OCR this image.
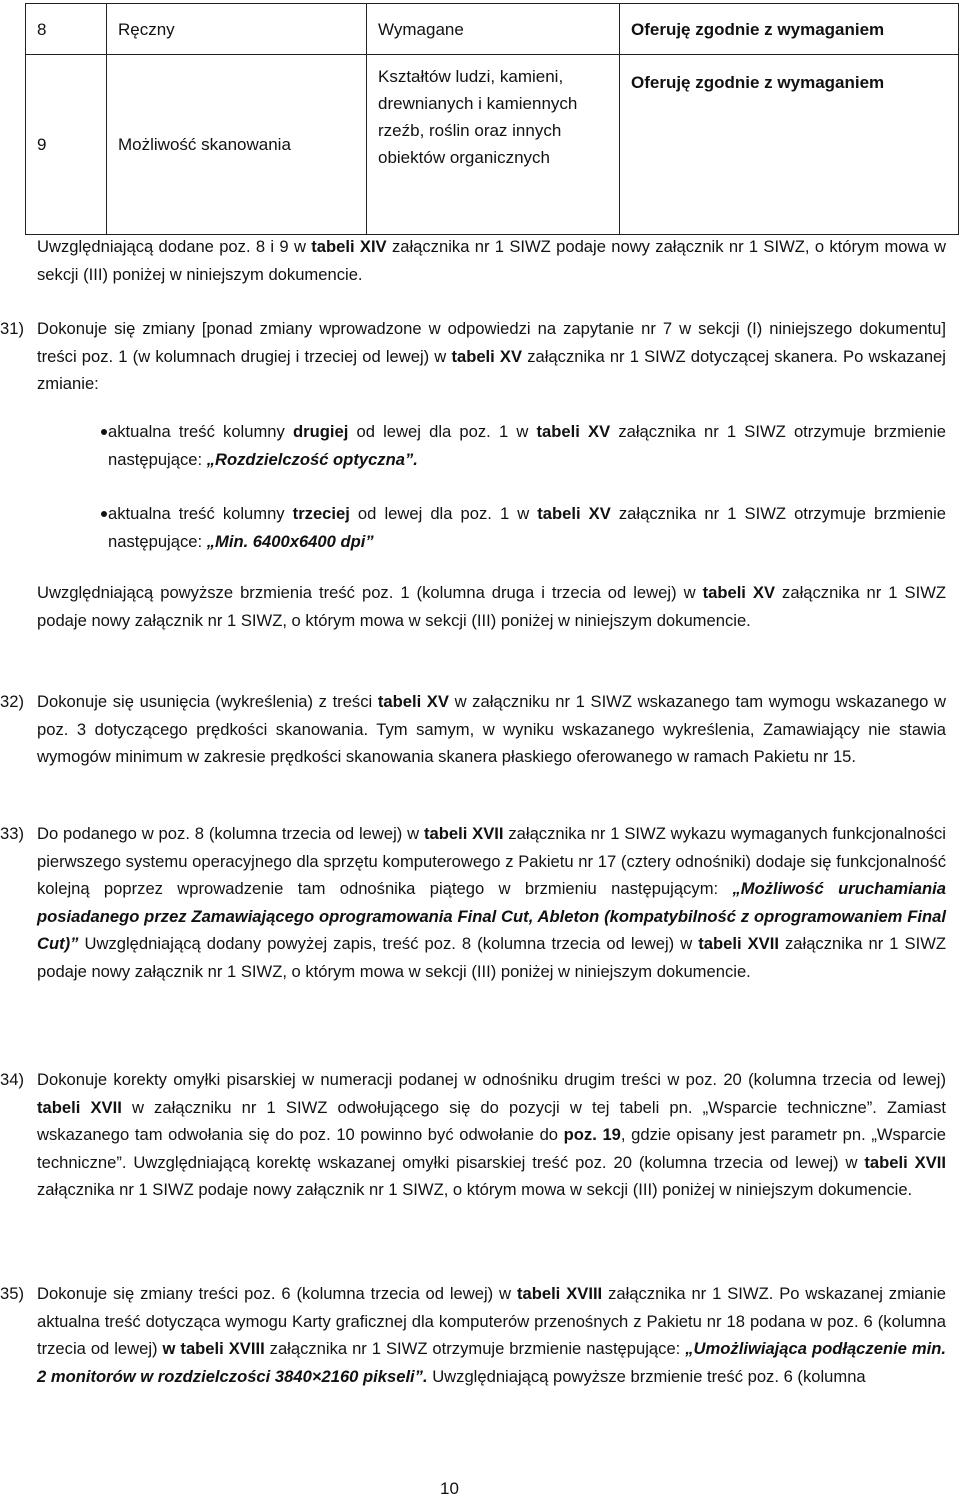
8	Ręczny	Wymagane	Oferuję zgodnie z wymaganiem
9	Możliwość skanowania	Kształtów ludzi, kamieni, drewnianych i kamiennych rzeźb, roślin oraz innych obiektów organicznych	Oferuję zgodnie z wymaganiem
Uwzględniającą dodane poz. 8 i 9 w tabeli XIV załącznika nr 1 SIWZ podaje nowy załącznik nr 1 SIWZ, o którym mowa w sekcji (III) poniżej w niniejszym dokumencie.
31) Dokonuje się zmiany [ponad zmiany wprowadzone w odpowiedzi na zapytanie nr 7 w sekcji (I) niniejszego dokumentu] treści poz. 1 (w kolumnach drugiej i trzeciej od lewej) w tabeli XV załącznika nr 1 SIWZ dotyczącej skanera. Po wskazanej zmianie:
aktualna treść kolumny drugiej od lewej dla poz. 1 w tabeli XV załącznika nr 1 SIWZ otrzymuje brzmienie następujące: „Rozdzielczość optyczna”.
aktualna treść kolumny trzeciej od lewej dla poz. 1 w tabeli XV załącznika nr 1 SIWZ otrzymuje brzmienie następujące: „Min. 6400x6400 dpi”
Uwzględniającą powyższe brzmienia treść poz. 1 (kolumna druga i trzecia od lewej) w tabeli XV załącznika nr 1 SIWZ podaje nowy załącznik nr 1 SIWZ, o którym mowa w sekcji (III) poniżej w niniejszym dokumencie.
32) Dokonuje się usunięcia (wykreślenia) z treści tabeli XV w załączniku nr 1 SIWZ wskazanego tam wymogu wskazanego w poz. 3 dotyczącego prędkości skanowania. Tym samym, w wyniku wskazanego wykreślenia, Zamawiający nie stawia wymogów minimum w zakresie prędkości skanowania skanera płaskiego oferowanego w ramach Pakietu nr 15.
33) Do podanego w poz. 8 (kolumna trzecia od lewej) w tabeli XVII załącznika nr 1 SIWZ wykazu wymaganych funkcjonalności pierwszego systemu operacyjnego dla sprzętu komputerowego z Pakietu nr 17 (cztery odnośniki) dodaje się funkcjonalność kolejną poprzez wprowadzenie tam odnośnika piątego w brzmieniu następującym: „Możliwość uruchamiania posiadanego przez Zamawiającego oprogramowania Final Cut, Ableton (kompatybilność z oprogramowaniem Final Cut)” Uwzględniającą dodany powyżej zapis, treść poz. 8 (kolumna trzecia od lewej) w tabeli XVII załącznika nr 1 SIWZ podaje nowy załącznik nr 1 SIWZ, o którym mowa w sekcji (III) poniżej w niniejszym dokumencie.
34) Dokonuje korekty omyłki pisarskiej w numeracji podanej w odnośniku drugim treści w poz. 20 (kolumna trzecia od lewej) tabeli XVII w załączniku nr 1 SIWZ odwołującego się do pozycji w tej tabeli pn. „Wsparcie techniczne”. Zamiast wskazanego tam odwołania się do poz. 10 powinno być odwołanie do poz. 19, gdzie opisany jest parametr pn. „Wsparcie techniczne”. Uwzględniającą korektę wskazanej omyłki pisarskiej treść poz. 20 (kolumna trzecia od lewej) w tabeli XVII załącznika nr 1 SIWZ podaje nowy załącznik nr 1 SIWZ, o którym mowa w sekcji (III) poniżej w niniejszym dokumencie.
35) Dokonuje się zmiany treści poz. 6 (kolumna trzecia od lewej) w tabeli XVIII załącznika nr 1 SIWZ. Po wskazanej zmianie aktualna treść dotycząca wymogu Karty graficznej dla komputerów przenośnych z Pakietu nr 18 podana w poz. 6 (kolumna trzecia od lewej) w tabeli XVIII załącznika nr 1 SIWZ otrzymuje brzmienie następujące: „Umożliwiająca podłączenie min. 2 monitorów w rozdzielczości 3840×2160 pikseli”. Uwzględniającą powyższe brzmienie treść poz. 6 (kolumna
10
